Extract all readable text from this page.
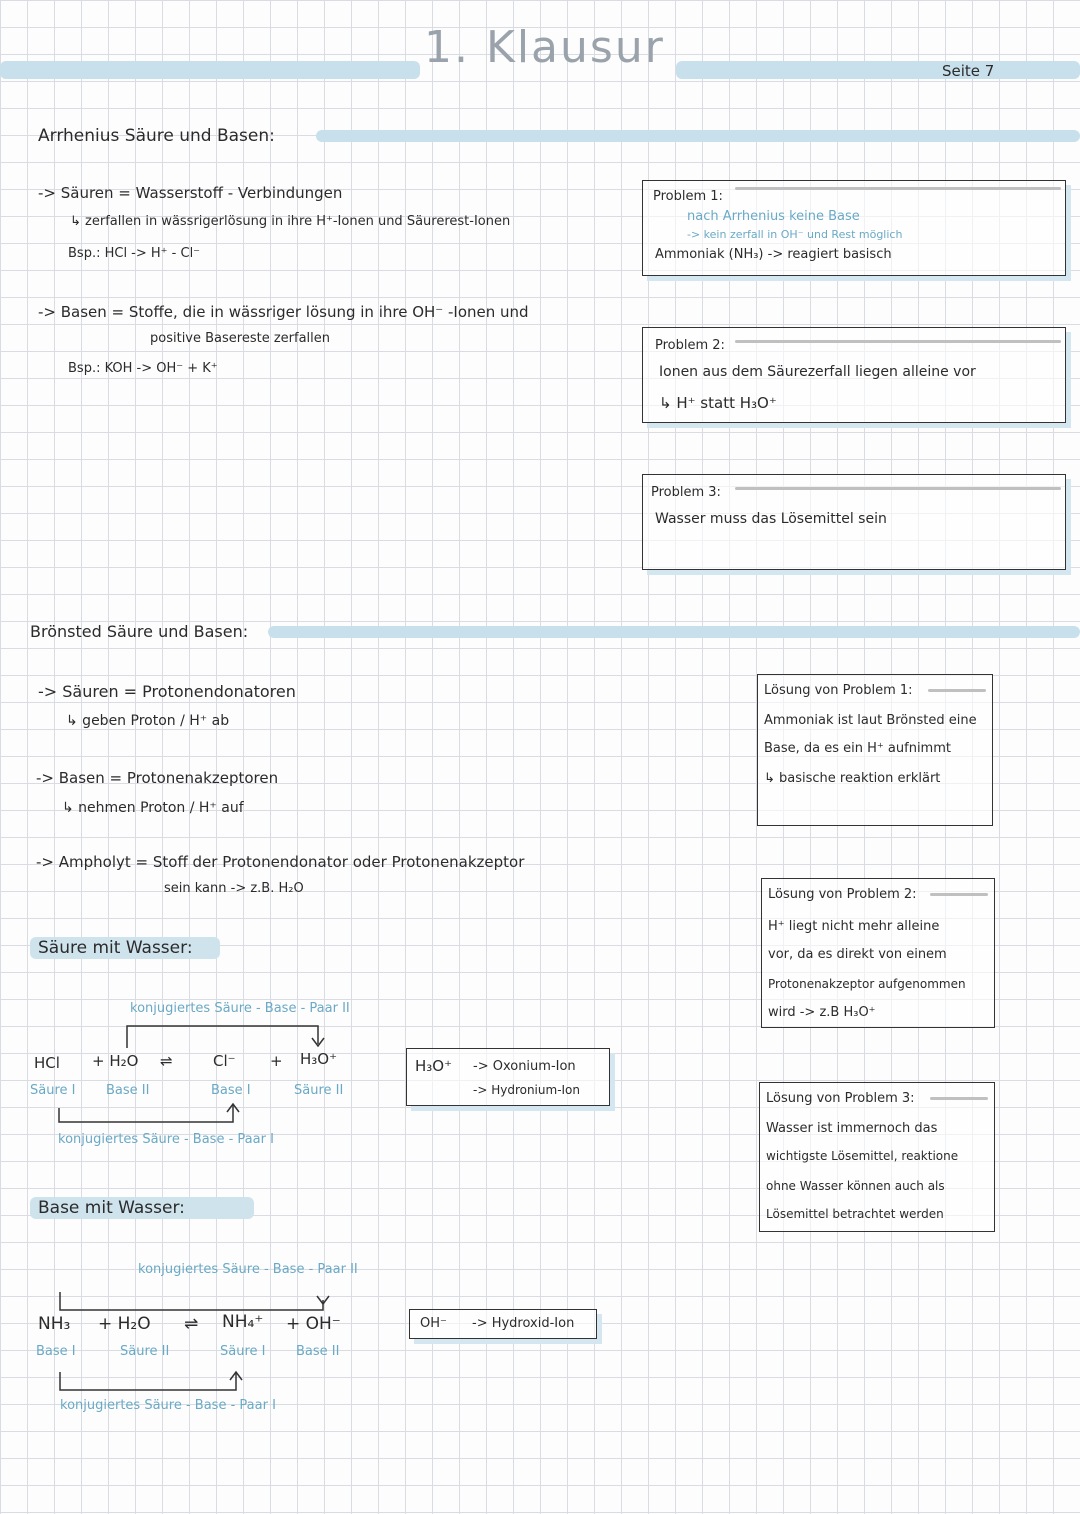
1. Klausur	Seite 7
Arrhenius Säure und Basen:
-> Säuren = Wasserstoff - Verbindungen
↳ zerfallen in wässrigerlösung in ihre H⁺-Ionen und Säurerest-Ionen
Bsp.: HCl -> H⁺ - Cl⁻
-> Basen = Stoffe, die in wässriger lösung in ihre OH⁻ -Ionen und
positive Basereste zerfallen
Bsp.: KOH -> OH⁻ + K⁺
Problem 1:
nach Arrhenius keine Base
-> kein zerfall in OH⁻ und Rest möglich
Ammoniak (NH₃) -> reagiert basisch
Problem 2:
Ionen aus dem Säurezerfall liegen alleine vor
↳ H⁺ statt H₃O⁺
Problem 3:
Wasser muss das Lösemittel sein
Brönsted Säure und Basen:
-> Säuren = Protonendonatoren
↳ geben Proton / H⁺ ab
-> Basen = Protonenakzeptoren
↳ nehmen Proton / H⁺ auf
-> Ampholyt = Stoff der Protonendonator oder Protonenakzeptor
sein kann -> z.B. H₂O
Lösung von Problem 1:
Ammoniak ist laut Brönsted eine
Base, da es ein H⁺ aufnimmt
↳ basische reaktion erklärt
Lösung von Problem 2:
H⁺ liegt nicht mehr alleine
vor, da es direkt von einem
Protonenakzeptor aufgenommen
wird -> z.B H₃O⁺
Lösung von Problem 3:
Wasser ist immernoch das
wichtigste Lösemittel, reaktione
ohne Wasser können auch als
Lösemittel betrachtet werden
Säure mit Wasser:
konjugiertes Säure - Base - Paar II
HCl + H₂O ⇌	Cl⁻ + H₃O⁺
Säure I Base II	Base I	Säure II
konjugiertes Säure - Base - Paar I
H₃O⁺ -> Oxonium-Ion
-> Hydronium-Ion
Base mit Wasser:
konjugiertes Säure - Base - Paar II
NH₃ + H₂O ⇌ NH₄⁺ + OH⁻
Base I	Säure II	Säure I Base II
konjugiertes Säure - Base - Paar I
OH⁻ -> Hydroxid-Ion
